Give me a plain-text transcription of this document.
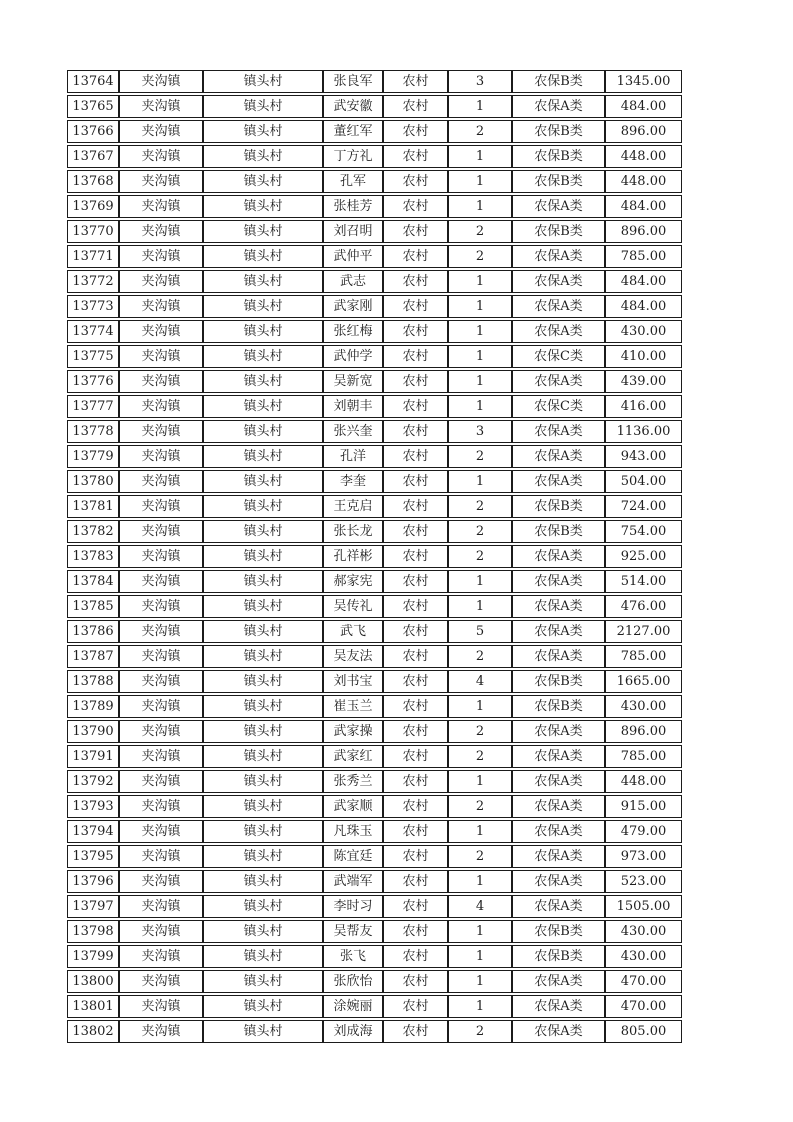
13764	夹沟镇	镇头村	张良军	农村	3	农保B类	1345.00
13765	夹沟镇	镇头村	武安徽	农村	1	农保A类	484.00
13766	夹沟镇	镇头村	董红军	农村	2	农保B类	896.00
13767	夹沟镇	镇头村	丁方礼	农村	1	农保B类	448.00
13768	夹沟镇	镇头村	孔军	农村	1	农保B类	448.00
13769	夹沟镇	镇头村	张桂芳	农村	1	农保A类	484.00
13770	夹沟镇	镇头村	刘召明	农村	2	农保B类	896.00
13771	夹沟镇	镇头村	武仲平	农村	2	农保A类	785.00
13772	夹沟镇	镇头村	武志	农村	1	农保A类	484.00
13773	夹沟镇	镇头村	武家刚	农村	1	农保A类	484.00
13774	夹沟镇	镇头村	张红梅	农村	1	农保A类	430.00
13775	夹沟镇	镇头村	武仲学	农村	1	农保C类	410.00
13776	夹沟镇	镇头村	吴新宽	农村	1	农保A类	439.00
13777	夹沟镇	镇头村	刘朝丰	农村	1	农保C类	416.00
13778	夹沟镇	镇头村	张兴奎	农村	3	农保A类	1136.00
13779	夹沟镇	镇头村	孔洋	农村	2	农保A类	943.00
13780	夹沟镇	镇头村	李奎	农村	1	农保A类	504.00
13781	夹沟镇	镇头村	王克启	农村	2	农保B类	724.00
13782	夹沟镇	镇头村	张长龙	农村	2	农保B类	754.00
13783	夹沟镇	镇头村	孔祥彬	农村	2	农保A类	925.00
13784	夹沟镇	镇头村	郝家宪	农村	1	农保A类	514.00
13785	夹沟镇	镇头村	吴传礼	农村	1	农保A类	476.00
13786	夹沟镇	镇头村	武飞	农村	5	农保A类	2127.00
13787	夹沟镇	镇头村	吴友法	农村	2	农保A类	785.00
13788	夹沟镇	镇头村	刘书宝	农村	4	农保B类	1665.00
13789	夹沟镇	镇头村	崔玉兰	农村	1	农保B类	430.00
13790	夹沟镇	镇头村	武家操	农村	2	农保A类	896.00
13791	夹沟镇	镇头村	武家红	农村	2	农保A类	785.00
13792	夹沟镇	镇头村	张秀兰	农村	1	农保A类	448.00
13793	夹沟镇	镇头村	武家顺	农村	2	农保A类	915.00
13794	夹沟镇	镇头村	凡珠玉	农村	1	农保A类	479.00
13795	夹沟镇	镇头村	陈宜廷	农村	2	农保A类	973.00
13796	夹沟镇	镇头村	武端军	农村	1	农保A类	523.00
13797	夹沟镇	镇头村	李时习	农村	4	农保A类	1505.00
13798	夹沟镇	镇头村	吴帮友	农村	1	农保B类	430.00
13799	夹沟镇	镇头村	张飞	农村	1	农保B类	430.00
13800	夹沟镇	镇头村	张欣怡	农村	1	农保A类	470.00
13801	夹沟镇	镇头村	涂婉丽	农村	1	农保A类	470.00
13802	夹沟镇	镇头村	刘成海	农村	2	农保A类	805.00
